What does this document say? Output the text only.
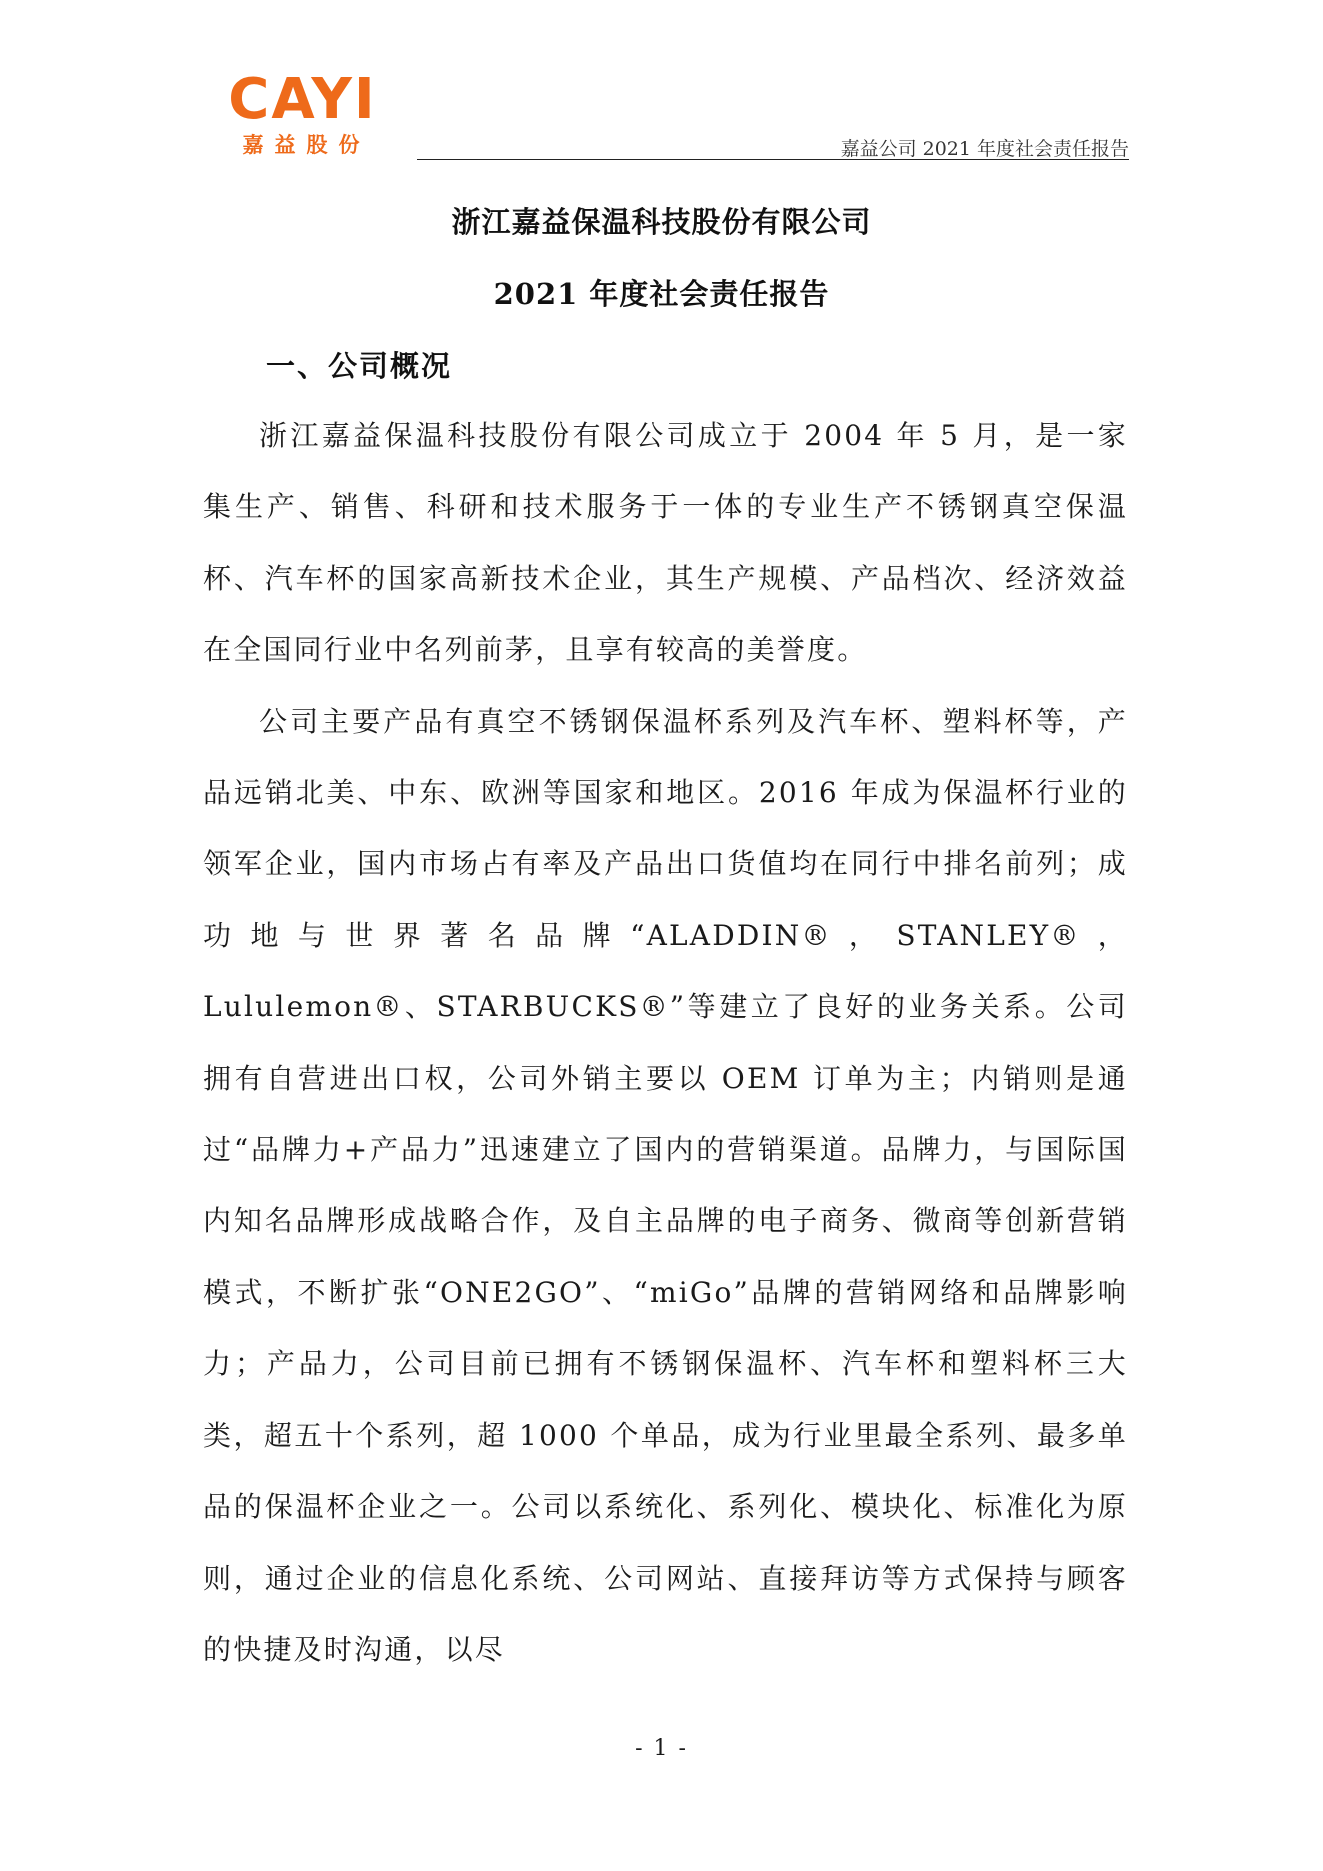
CAYI
嘉益股份	嘉益公司 2021 年度社会责任报告
浙江嘉益保温科技股份有限公司
2021 年度社会责任报告
一、公司概况

浙江嘉益保温科技股份有限公司成立于 2004 年 5 月，是一家集生产、销售、科研和技术服务于一体的专业生产不锈钢真空保温杯、汽车杯的国家高新技术企业，其生产规模、产品档次、经济效益在全国同行业中名列前茅，且享有较高的美誉度。

公司主要产品有真空不锈钢保温杯系列及汽车杯、塑料杯等，产品远销北美、中东、欧洲等国家和地区。2016 年成为保温杯行业的领军企业，国内市场占有率及产品出口货值均在同行中排名前列；成功地与世界著名品牌“ALADDIN®，STANLEY®，Lululemon®、STARBUCKS®”等建立了良好的业务关系。公司拥有自营进出口权，公司外销主要以 OEM 订单为主；内销则是通过“品牌力+产品力”迅速建立了国内的营销渠道。品牌力，与国际国内知名品牌形成战略合作，及自主品牌的电子商务、微商等创新营销模式，不断扩张“ONE2GO”、“miGo”品牌的营销网络和品牌影响力；产品力，公司目前已拥有不锈钢保温杯、汽车杯和塑料杯三大类，超五十个系列，超 1000 个单品，成为行业里最全系列、最多单品的保温杯企业之一。公司以系统化、系列化、模块化、标准化为原则，通过企业的信息化系统、公司网站、直接拜访等方式保持与顾客的快捷及时沟通，以尽

- 1 -
